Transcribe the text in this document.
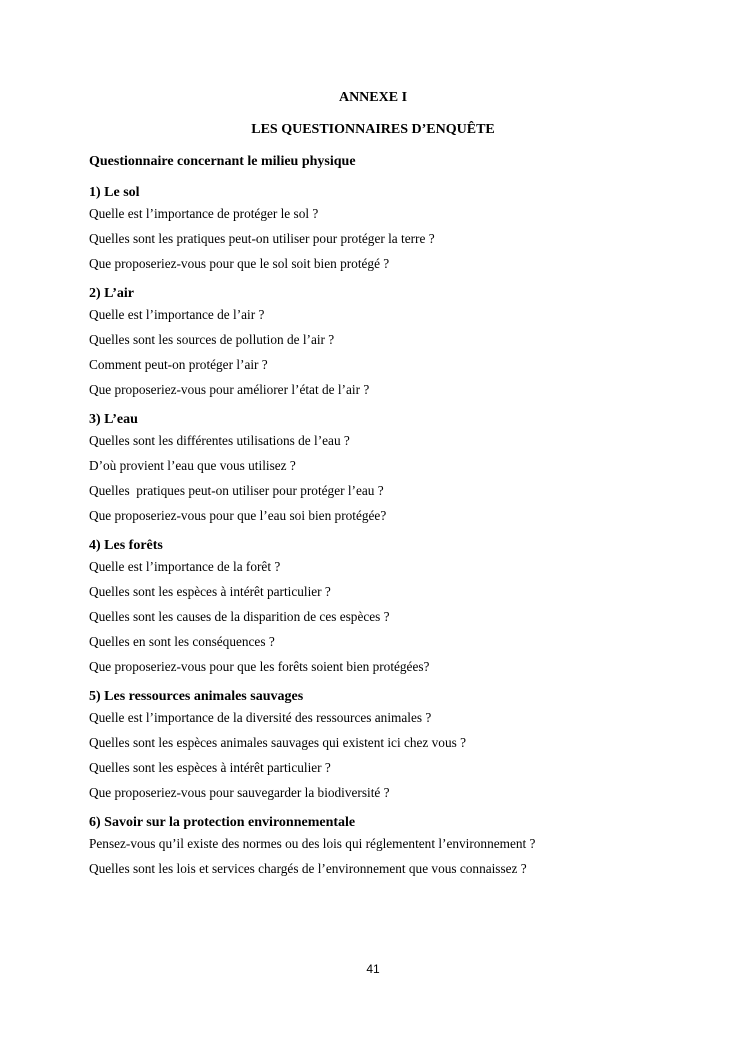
ANNEXE I
LES QUESTIONNAIRES D’ENQUÊTE
Questionnaire concernant le milieu physique
1) Le sol
Quelle est l’importance de protéger le sol ?
Quelles sont les pratiques peut-on utiliser pour protéger la terre ?
Que proposeriez-vous pour que le sol soit bien protégé ?
2) L’air
Quelle est l’importance de l’air ?
Quelles sont les sources de pollution de l’air ?
Comment peut-on protéger l’air ?
Que proposeriez-vous pour améliorer l’état de l’air ?
3) L’eau
Quelles sont les différentes utilisations de l’eau ?
D’où provient l’eau que vous utilisez ?
Quelles  pratiques peut-on utiliser pour protéger l’eau ?
Que proposeriez-vous pour que l’eau soi bien protégée?
4) Les forêts
Quelle est l’importance de la forêt ?
Quelles sont les espèces à intérêt particulier ?
Quelles sont les causes de la disparition de ces espèces ?
Quelles en sont les conséquences ?
Que proposeriez-vous pour que les forêts soient bien protégées?
5) Les ressources animales sauvages
Quelle est l’importance de la diversité des ressources animales ?
Quelles sont les espèces animales sauvages qui existent ici chez vous ?
Quelles sont les espèces à intérêt particulier ?
Que proposeriez-vous pour sauvegarder la biodiversité ?
6) Savoir sur la protection environnementale
Pensez-vous qu’il existe des normes ou des lois qui réglementent l’environnement ?
Quelles sont les lois et services chargés de l’environnement que vous connaissez ?
41
